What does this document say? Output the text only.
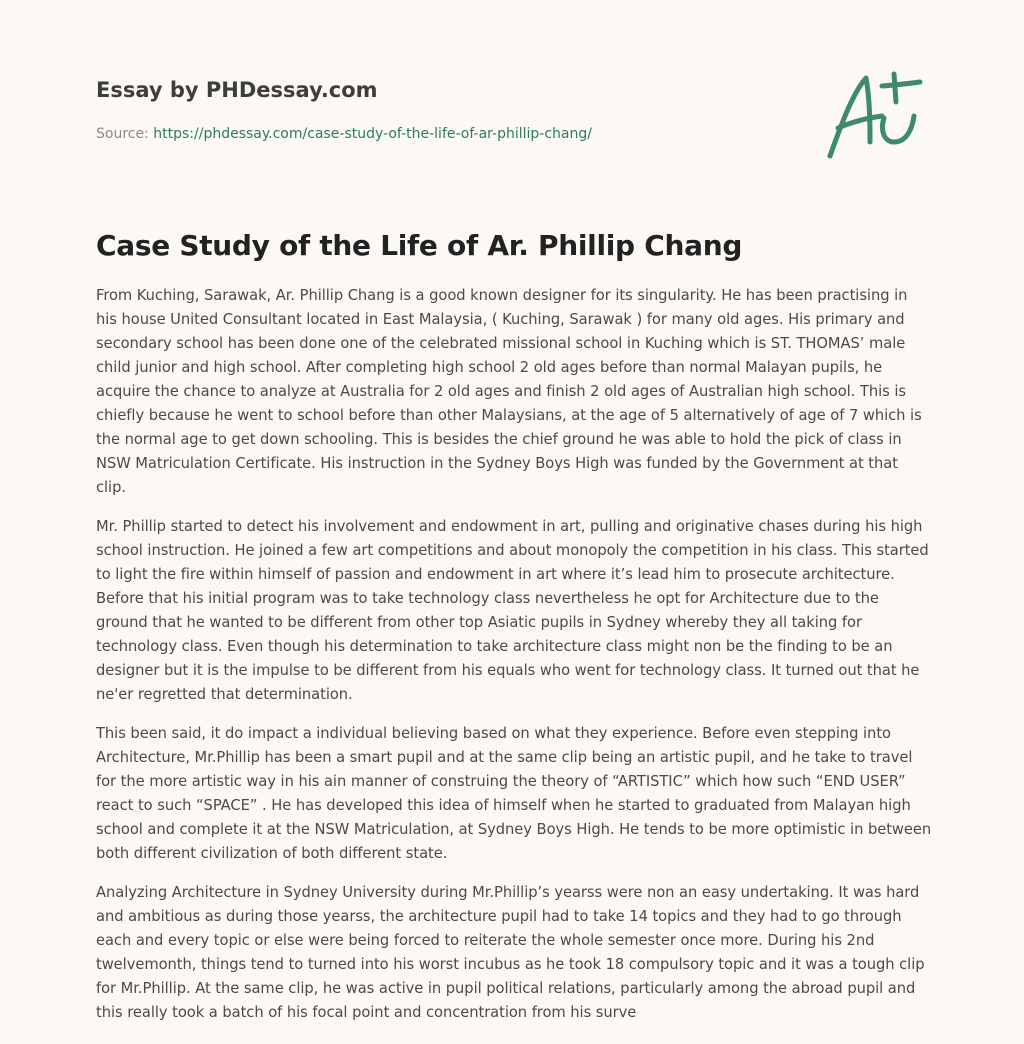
Essay by PHDessay.com

Source: https://phdessay.com/case-study-of-the-life-of-ar-phillip-chang/
Case Study of the Life of Ar. Phillip Chang

From Kuching, Sarawak, Ar. Phillip Chang is a good known designer for its singularity. He has been practising in his house United Consultant located in East Malaysia, ( Kuching, Sarawak ) for many old ages. His primary and secondary school has been done one of the celebrated missional school in Kuching which is ST. THOMAS’ male child junior and high school. After completing high school 2 old ages before than normal Malayan pupils, he acquire the chance to analyze at Australia for 2 old ages and finish 2 old ages of Australian high school. This is chiefly because he went to school before than other Malaysians, at the age of 5 alternatively of age of 7 which is the normal age to get down schooling. This is besides the chief ground he was able to hold the pick of class in NSW Matriculation Certificate. His instruction in the Sydney Boys High was funded by the Government at that clip.

Mr. Phillip started to detect his involvement and endowment in art, pulling and originative chases during his high school instruction. He joined a few art competitions and about monopoly the competition in his class. This started to light the fire within himself of passion and endowment in art where it’s lead him to prosecute architecture. Before that his initial program was to take technology class nevertheless he opt for Architecture due to the ground that he wanted to be different from other top Asiatic pupils in Sydney whereby they all taking for technology class. Even though his determination to take architecture class might non be the finding to be an designer but it is the impulse to be different from his equals who went for technology class. It turned out that he ne'er regretted that determination.

This been said, it do impact a individual believing based on what they experience. Before even stepping into Architecture, Mr.Phillip has been a smart pupil and at the same clip being an artistic pupil, and he take to travel for the more artistic way in his ain manner of construing the theory of “ARTISTIC” which how such “END USER” react to such “SPACE” . He has developed this idea of himself when he started to graduated from Malayan high school and complete it at the NSW Matriculation, at Sydney Boys High. He tends to be more optimistic in between both different civilization of both different state.

Analyzing Architecture in Sydney University during Mr.Phillip’s yearss were non an easy undertaking. It was hard and ambitious as during those yearss, the architecture pupil had to take 14 topics and they had to go through each and every topic or else were being forced to reiterate the whole semester once more. During his 2nd twelvemonth, things tend to turned into his worst incubus as he took 18 compulsory topic and it was a tough clip for Mr.Phillip. At the same clip, he was active in pupil political relations, particularly among the abroad pupil and this really took a batch of his focal point and concentration from his surve
